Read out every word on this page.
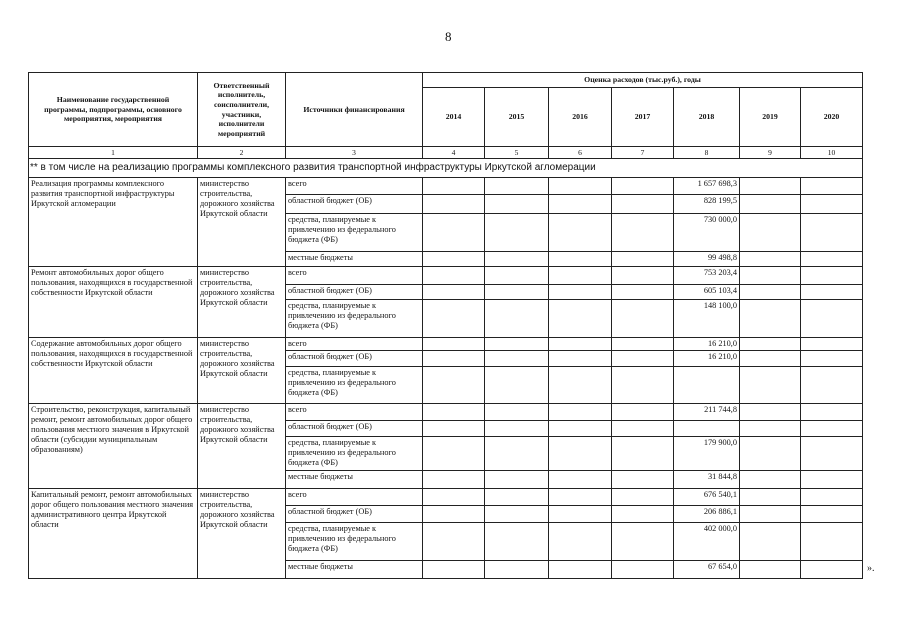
8
Наименование государственной программы, подпрограммы, основного мероприятия, мероприятия	Ответственный исполнитель, соисполнители, участники, исполнители мероприятий	Источники финансирования	Оценка расходов (тыс.руб.), годы						
			2014	2015	2016	2017	2018	2019	2020
1	2	3	4	5	6	7	8	9	10
** в том числе на реализацию программы комплексного развития транспортной инфраструктуры Иркутской агломерации									
Реализация программы комплексного развития транспортной инфраструктуры Иркутской агломерации	министерство строительства, дорожного хозяйства Иркутской области	всего					1 657 698,3		
		областной бюджет (ОБ)					828 199,5		
		средства, планируемые к привлечению из федерального бюджета (ФБ)					730 000,0		
		местные бюджеты					99 498,8		
Ремонт автомобильных дорог общего пользования, находящихся в государственной собственности Иркутской области	министерство строительства, дорожного хозяйства Иркутской области	всего					753 203,4		
		областной бюджет (ОБ)					605 103,4		
		средства, планируемые к привлечению из федерального бюджета (ФБ)					148 100,0		
Содержание автомобильных дорог общего пользования, находящихся в государственной собственности Иркутской области	министерство строительства, дорожного хозяйства Иркутской области	всего					16 210,0		
		областной бюджет (ОБ)					16 210,0		
		средства, планируемые к привлечению из федерального бюджета (ФБ)							
Строительство, реконструкция, капитальный ремонт, ремонт автомобильных дорог общего пользования местного значения в Иркутской области (субсидии муниципальным образованиям)	министерство строительства, дорожного хозяйства Иркутской области	всего					211 744,8		
		областной бюджет (ОБ)							
		средства, планируемые к привлечению из федерального бюджета (ФБ)					179 900,0		
		местные бюджеты					31 844,8		
Капитальный ремонт, ремонт автомобильных дорог общего пользования местного значения административного центра Иркутской области	министерство строительства, дорожного хозяйства Иркутской области	всего					676 540,1		
		областной бюджет (ОБ)					206 886,1		
		средства, планируемые к привлечению из федерального бюджета (ФБ)					402 000,0		
		местные бюджеты					67 654,0			».
